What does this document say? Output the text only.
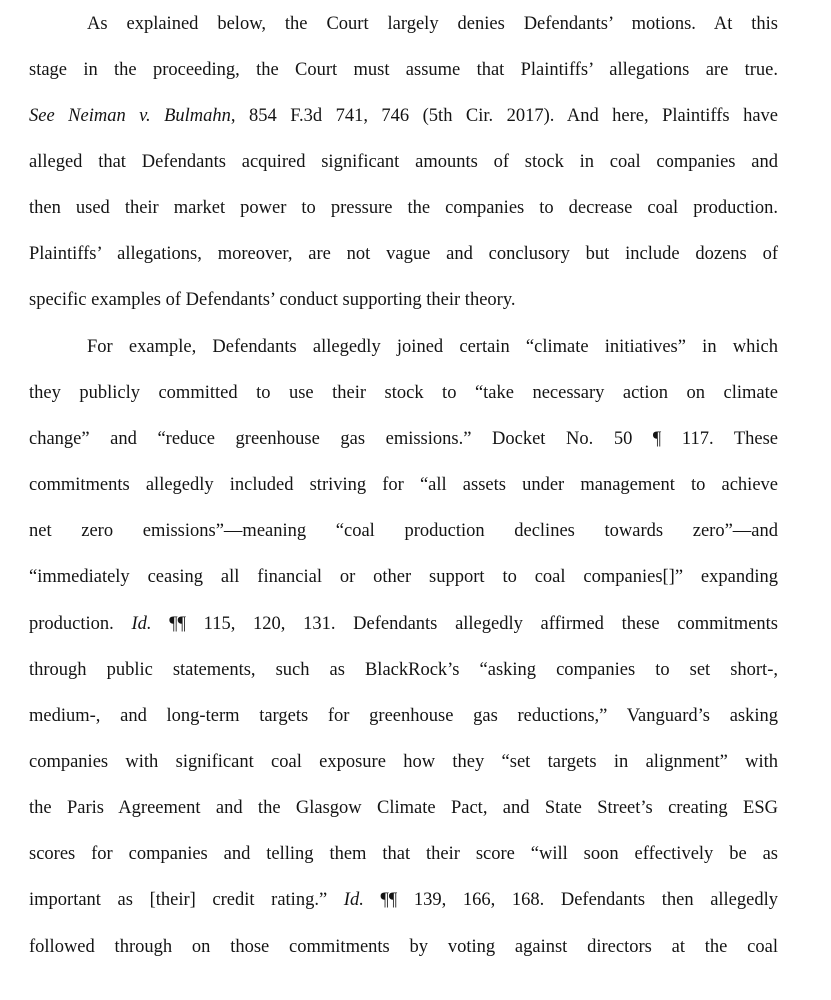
As explained below, the Court largely denies Defendants’ motions. At this
stage in the proceeding, the Court must assume that Plaintiffs’ allegations are true.
See Neiman v. Bulmahn, 854 F.3d 741, 746 (5th Cir. 2017). And here, Plaintiffs have
alleged that Defendants acquired significant amounts of stock in coal companies and
then used their market power to pressure the companies to decrease coal production.
Plaintiffs’ allegations, moreover, are not vague and conclusory but include dozens of
specific examples of Defendants’ conduct supporting their theory.
For example, Defendants allegedly joined certain “climate initiatives” in which
they publicly committed to use their stock to “take necessary action on climate
change” and “reduce greenhouse gas emissions.” Docket No. 50 ¶ 117. These
commitments allegedly included striving for “all assets under management to achieve
net zero emissions”—meaning “coal production declines towards zero”—and
“immediately ceasing all financial or other support to coal companies[]” expanding
production. Id. ¶¶ 115, 120, 131. Defendants allegedly affirmed these commitments
through public statements, such as BlackRock’s “asking companies to set short-,
medium-, and long-term targets for greenhouse gas reductions,” Vanguard’s asking
companies with significant coal exposure how they “set targets in alignment” with
the Paris Agreement and the Glasgow Climate Pact, and State Street’s creating ESG
scores for companies and telling them that their score “will soon effectively be as
important as [their] credit rating.” Id. ¶¶ 139, 166, 168. Defendants then allegedly
followed through on those commitments by voting against directors at the coal
